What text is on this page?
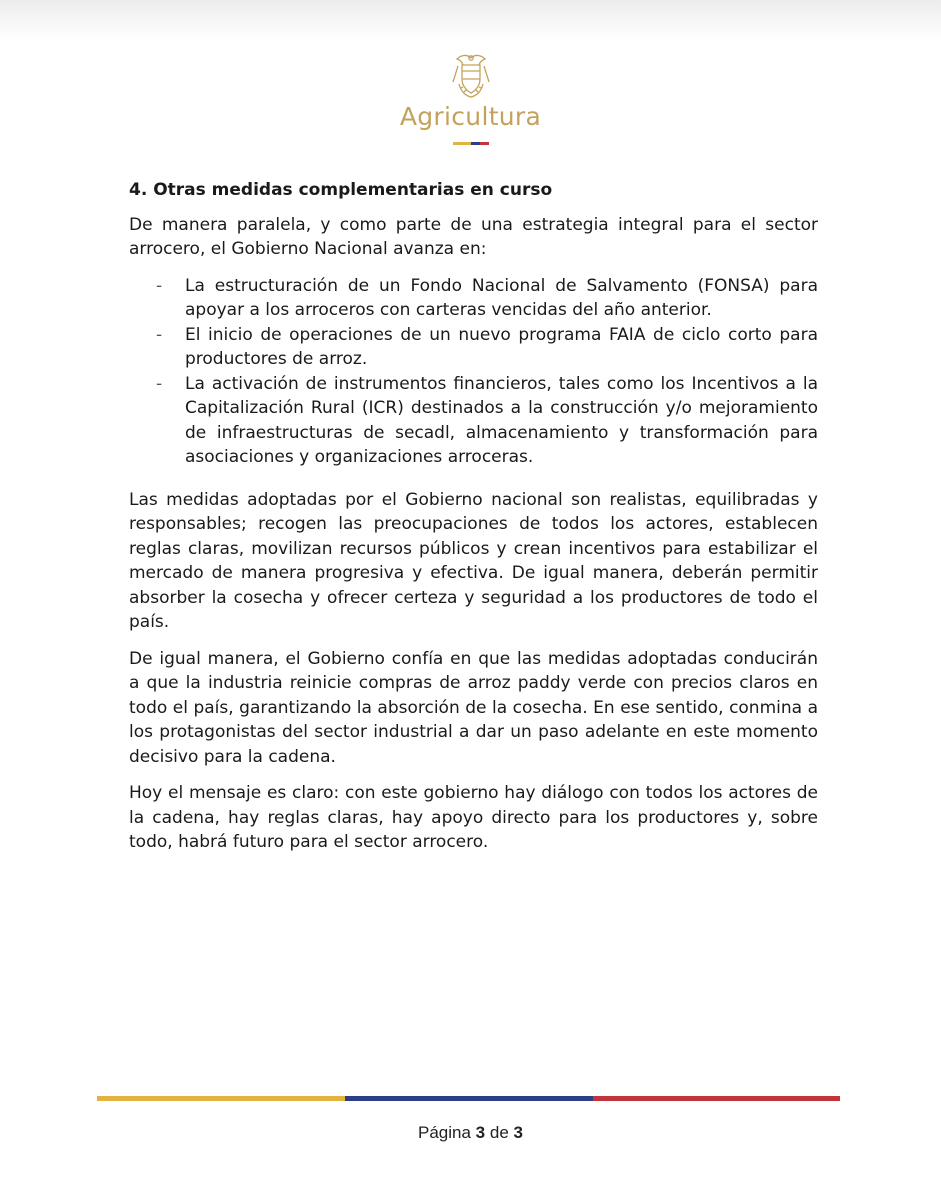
Agricultura
4. Otras medidas complementarias en curso

De manera paralela, y como parte de una estrategia integral para el sector arrocero, el Gobierno Nacional avanza en:

- La estructuración de un Fondo Nacional de Salvamento (FONSA) para apoyar a los arroceros con carteras vencidas del año anterior.
- El inicio de operaciones de un nuevo programa FAIA de ciclo corto para productores de arroz.
- La activación de instrumentos financieros, tales como los Incentivos a la Capitalización Rural (ICR) destinados a la construcción y/o mejoramiento de infraestructuras de secadl, almacenamiento y transformación para asociaciones y organizaciones arroceras.

Las medidas adoptadas por el Gobierno nacional son realistas, equilibradas y responsables; recogen las preocupaciones de todos los actores, establecen reglas claras, movilizan recursos públicos y crean incentivos para estabilizar el mercado de manera progresiva y efectiva. De igual manera, deberán permitir absorber la cosecha y ofrecer certeza y seguridad a los productores de todo el país.

De igual manera, el Gobierno confía en que las medidas adoptadas conducirán a que la industria reinicie compras de arroz paddy verde con precios claros en todo el país, garantizando la absorción de la cosecha. En ese sentido, conmina a los protagonistas del sector industrial a dar un paso adelante en este momento decisivo para la cadena.

Hoy el mensaje es claro: con este gobierno hay diálogo con todos los actores de la cadena, hay reglas claras, hay apoyo directo para los productores y, sobre todo, habrá futuro para el sector arrocero.

Página 3 de 3
